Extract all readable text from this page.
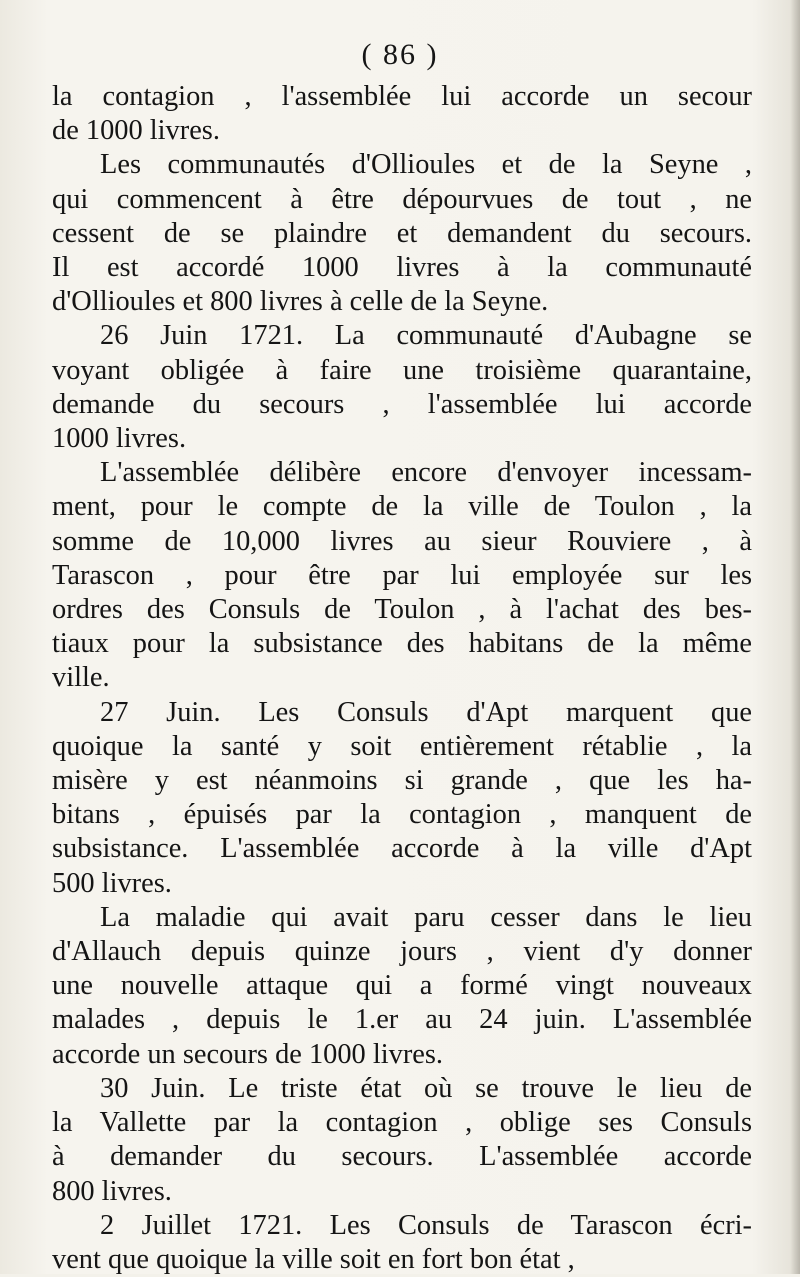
( 86 )
la contagion , l'assemblée lui accorde un secour
de 1000 livres.
Les communautés d'Ollioules et de la Seyne ,
qui commencent à être dépourvues de tout , ne
cessent de se plaindre et demandent du secours.
Il est accordé 1000 livres à la communauté
d'Ollioules et 800 livres à celle de la Seyne.
26 Juin 1721. La communauté d'Aubagne se
voyant obligée à faire une troisième quarantaine,
demande du secours , l'assemblée lui accorde
1000 livres.
L'assemblée délibère encore d'envoyer incessam-
ment, pour le compte de la ville de Toulon , la
somme de 10,000 livres au sieur Rouviere , à
Tarascon , pour être par lui employée sur les
ordres des Consuls de Toulon , à l'achat des bes-
tiaux pour la subsistance des habitans de la même
ville.
27 Juin. Les Consuls d'Apt marquent que
quoique la santé y soit entièrement rétablie , la
misère y est néanmoins si grande , que les ha-
bitans , épuisés par la contagion , manquent de
subsistance. L'assemblée accorde à la ville d'Apt
500 livres.
La maladie qui avait paru cesser dans le lieu
d'Allauch depuis quinze jours , vient d'y donner
une nouvelle attaque qui a formé vingt nouveaux
malades , depuis le 1.er au 24 juin. L'assemblée
accorde un secours de 1000 livres.
30 Juin. Le triste état où se trouve le lieu de
la Vallette par la contagion , oblige ses Consuls
à demander du secours. L'assemblée accorde
800 livres.
2 Juillet 1721. Les Consuls de Tarascon écri-
vent que quoique la ville soit en fort bon état ,
